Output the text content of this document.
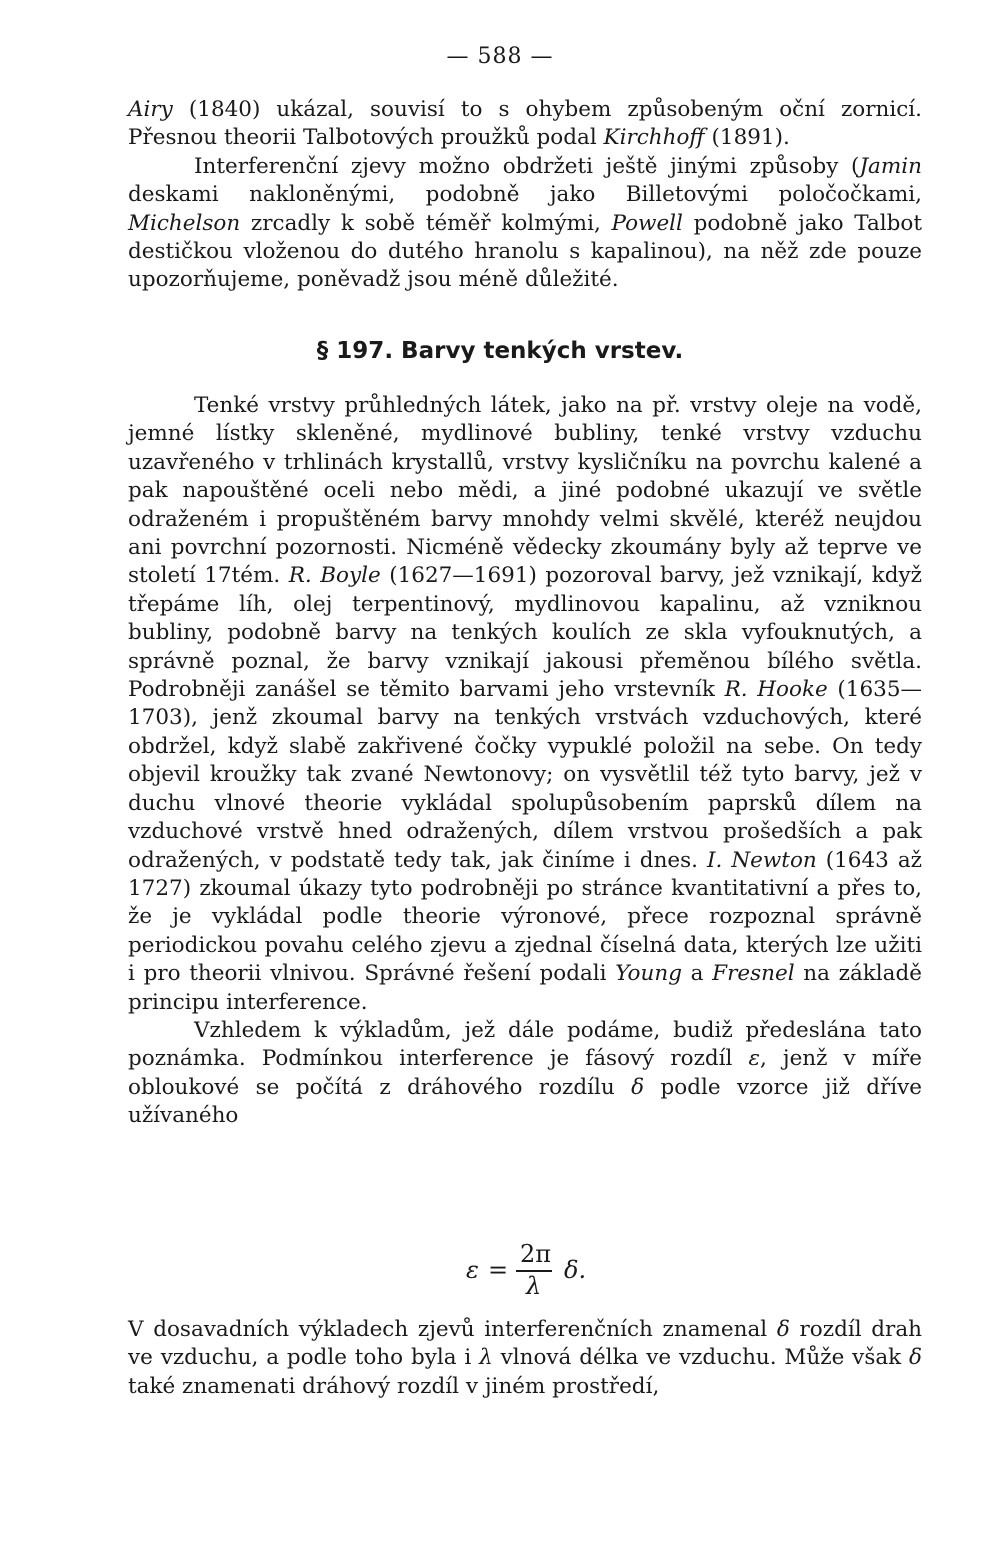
— 588 —

Airy (1840) ukázal, souvisí to s ohybem způsobeným oční zornicí. Přesnou theorii Talbotových proužků podal Kirchhoff (1891).

Interferenční zjevy možno obdržeti ještě jinými způsoby (Jamin deskami nakloněnými, podobně jako Billetovými poločočkami, Michelson zrcadly k sobě téměř kolmými, Powell podobně jako Talbot destičkou vloženou do dutého hranolu s kapalinou), na něž zde pouze upozorňujeme, poněvadž jsou méně důležité.

§ 197. Barvy tenkých vrstev.

Tenké vrstvy průhledných látek, jako na př. vrstvy oleje na vodě, jemné lístky skleněné, mydlinové bubliny, tenké vrstvy vzduchu uzavřeného v trhlinách krystallů, vrstvy kysličníku na povrchu kalené a pak napouštěné oceli nebo mědi, a jiné podobné ukazují ve světle odraženém i propuštěném barvy mnohdy velmi skvělé, kteréž neujdou ani povrchní pozornosti. Nicméně vědecky zkoumány byly až teprve ve století 17tém. R. Boyle (1627—1691) pozoroval barvy, jež vznikají, když třepáme líh, olej terpentinový, mydlinovou kapalinu, až vzniknou bubliny, podobně barvy na tenkých koulích ze skla vyfouknutých, a správně poznal, že barvy vznikají jakousi přeměnou bílého světla. Podrobněji zanášel se těmito barvami jeho vrstevník R. Hooke (1635—1703), jenž zkoumal barvy na tenkých vrstvách vzduchových, které obdržel, když slabě zakřivené čočky vypuklé položil na sebe. On tedy objevil kroužky tak zvané Newtonovy; on vysvětlil též tyto barvy, jež v duchu vlnové theorie vykládal spolupůsobením paprsků dílem na vzduchové vrstvě hned odražených, dílem vrstvou prošedších a pak odražených, v podstatě tedy tak, jak činíme i dnes. I. Newton (1643 až 1727) zkoumal úkazy tyto podrobněji po stránce kvantitativní a přes to, že je vykládal podle theorie výronové, přece rozpoznal správně periodickou povahu celého zjevu a zjednal číselná data, kterých lze užiti i pro theorii vlnivou. Správné řešení podali Young a Fresnel na základě principu interference.

Vzhledem k výkladům, jež dále podáme, budiž předeslána tato poznámka. Podmínkou interference je fásový rozdíl ε, jenž v míře obloukové se počítá z dráhového rozdílu δ podle vzorce již dříve užívaného

ε =
2π
λ
δ.

V dosavadních výkladech zjevů interferenčních znamenal δ rozdíl drah ve vzduchu, a podle toho byla i λ vlnová délka ve vzduchu. Může však δ také znamenati dráhový rozdíl v jiném prostředí,
